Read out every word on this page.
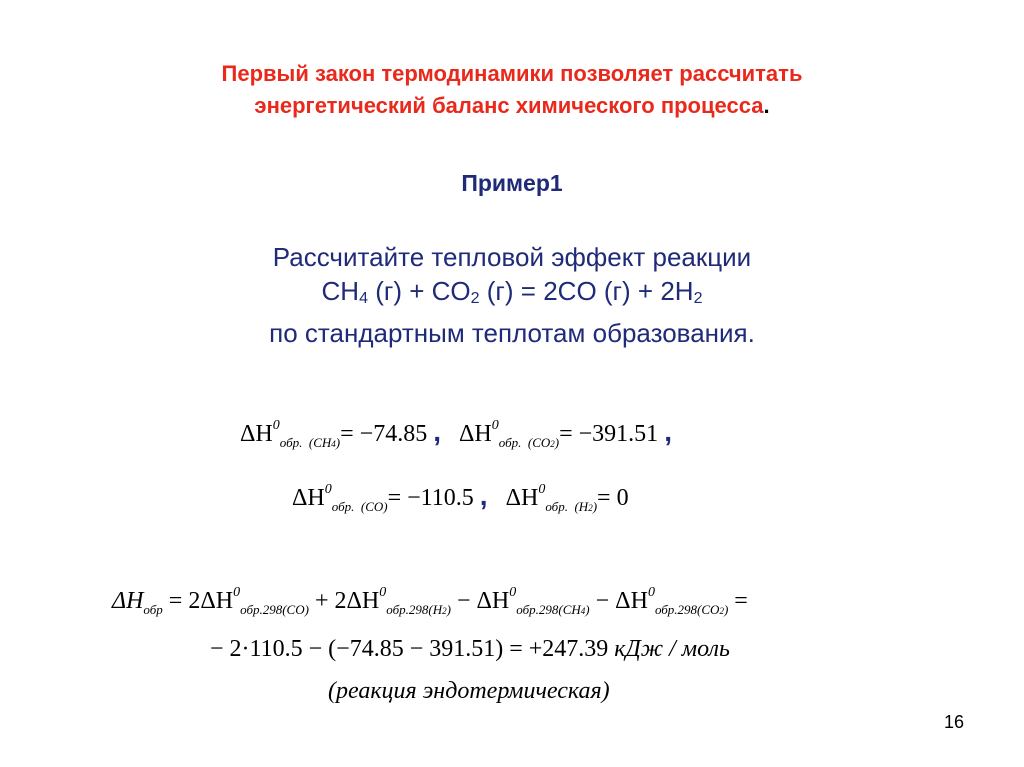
Первый закон термодинамики позволяет рассчитать
энергетический баланс химического процесса.
Пример1
Рассчитайте тепловой эффект реакции
$CH_4$ $(г) + CO_2$ (г) = 2CO $(г) + 2H_2$
по стандартным теплотам образования.
$\Delta H^0_{обр. (CH4)}= -74.85$ , $\Delta H^0_{обр. (CO2)}= -391.51$ ,
$\Delta H^0_{обр. (CO)}= -110.5$ , $\Delta H^0_{обр. (H2)}= 0$
$\Delta H_{обр} = 2\Delta H^0_{обр.298(CO)} + 2\Delta H^0_{обр.298(H2)} - \Delta H^0_{обр.298(CH4)} - \Delta H^0_{обр.298(CO2)}$ =
− 2·110.5 − (−74.85 − 391.51) = +247.39 кДж / моль
(реакция эндотермическая)
16
